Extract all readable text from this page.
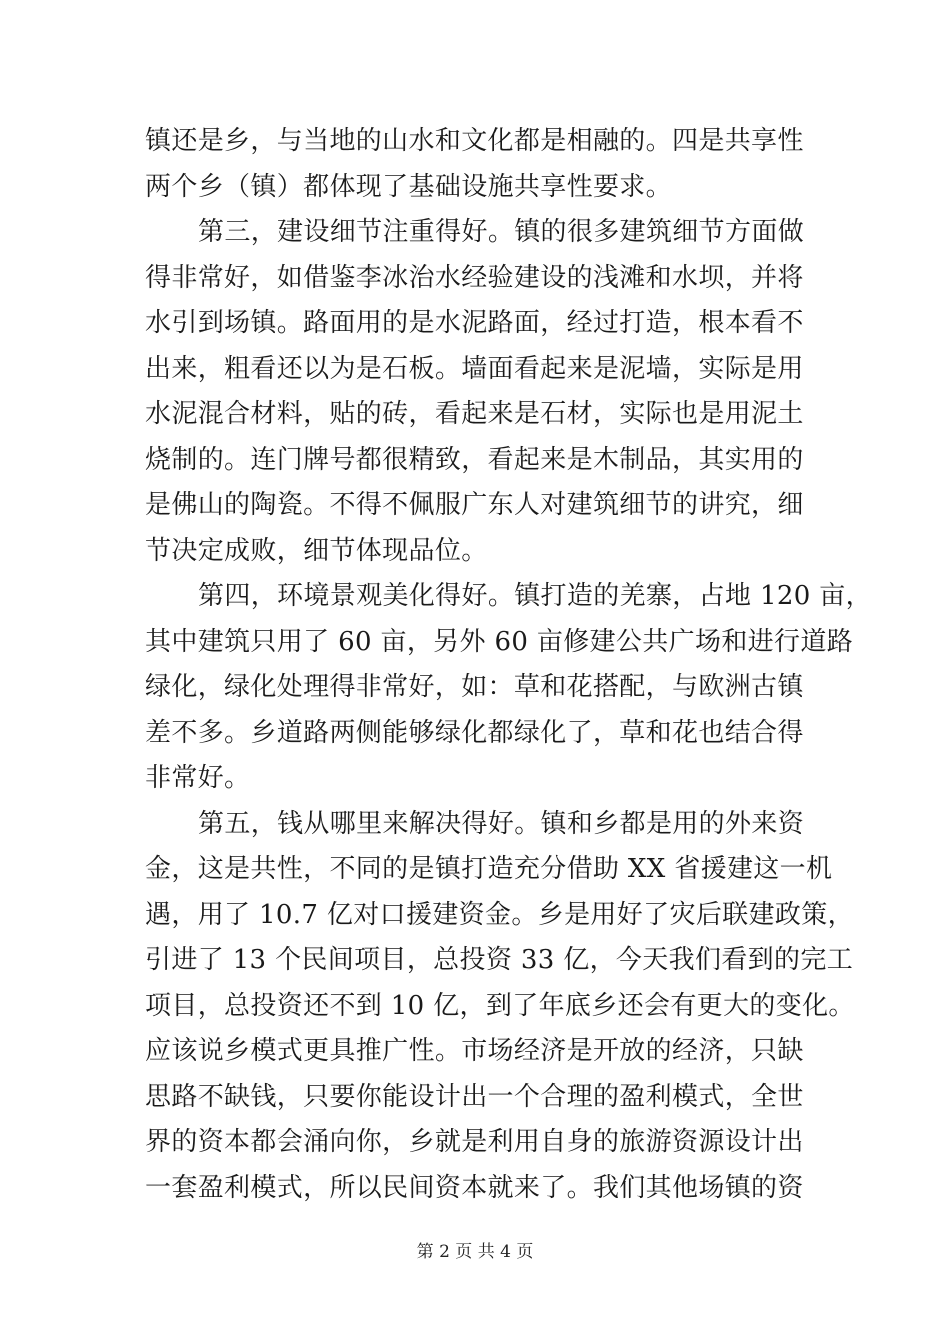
镇还是乡，与当地的山水和文化都是相融的。四是共享性
两个乡（镇）都体现了基础设施共享性要求。
第三，建设细节注重得好。镇的很多建筑细节方面做
得非常好，如借鉴李冰治水经验建设的浅滩和水坝，并将
水引到场镇。路面用的是水泥路面，经过打造，根本看不
出来，粗看还以为是石板。墙面看起来是泥墙，实际是用
水泥混合材料，贴的砖，看起来是石材，实际也是用泥土
烧制的。连门牌号都很精致，看起来是木制品，其实用的
是佛山的陶瓷。不得不佩服广东人对建筑细节的讲究，细
节决定成败，细节体现品位。
第四，环境景观美化得好。镇打造的羌寨，占地 120 亩，
其中建筑只用了 60 亩，另外 60 亩修建公共广场和进行道路
绿化，绿化处理得非常好，如：草和花搭配，与欧洲古镇
差不多。乡道路两侧能够绿化都绿化了，草和花也结合得
非常好。
第五，钱从哪里来解决得好。镇和乡都是用的外来资
金，这是共性，不同的是镇打造充分借助 XX 省援建这一机
遇，用了 10.7 亿对口援建资金。乡是用好了灾后联建政策，
引进了 13 个民间项目，总投资 33 亿，今天我们看到的完工
项目，总投资还不到 10 亿，到了年底乡还会有更大的变化。
应该说乡模式更具推广性。市场经济是开放的经济，只缺
思路不缺钱，只要你能设计出一个合理的盈利模式，全世
界的资本都会涌向你，乡就是利用自身的旅游资源设计出
一套盈利模式，所以民间资本就来了。我们其他场镇的资
第 2 页 共 4 页
